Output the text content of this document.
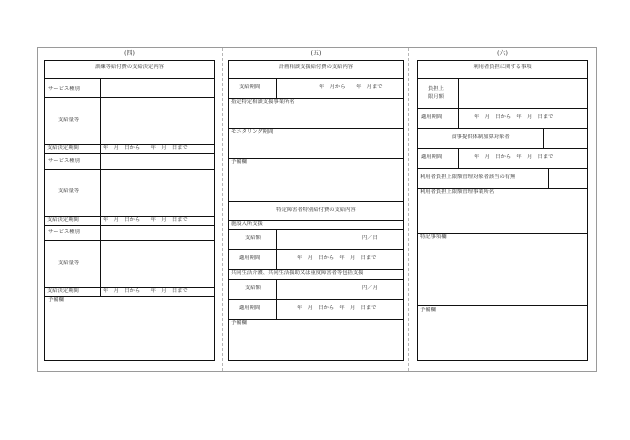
(四)
訓練等給付費の支給決定内容
サービス種別
支給量等
支給決定期間	年　月　日から　　年　月　日まで
サービス種別
支給量等
支給決定期間	年　月　日から　　年　月　日まで
サービス種別
支給量等
支給決定期間	年　月　日から　　年　月　日まで
予備欄
(五)
計画相談支援給付費の支給内容
支給期間	年　月から　　年　月まで
指定特定相談支援事業所名
モニタリング期間
予備欄
特定障害者特別給付費の支給内容
施設入所支援
支給額	円／日
適用期間	年　月　日から　年　月　日まで
共同生活介護、共同生活援助又は重度障害者等包括支援
支給額	円／月
適用期間	年　月　日から　年　月　日まで
予備欄
(六)
利用者負担に関する事項
負担上限月額
適用期間	年　月　日から　年　月　日まで
食事提供体制加算対象者
適用期間	年　月　日から　年　月　日まで
利用者負担上限額管理対象者該当の有無
利用者負担上限額管理事業所名
特記事項欄
予備欄
